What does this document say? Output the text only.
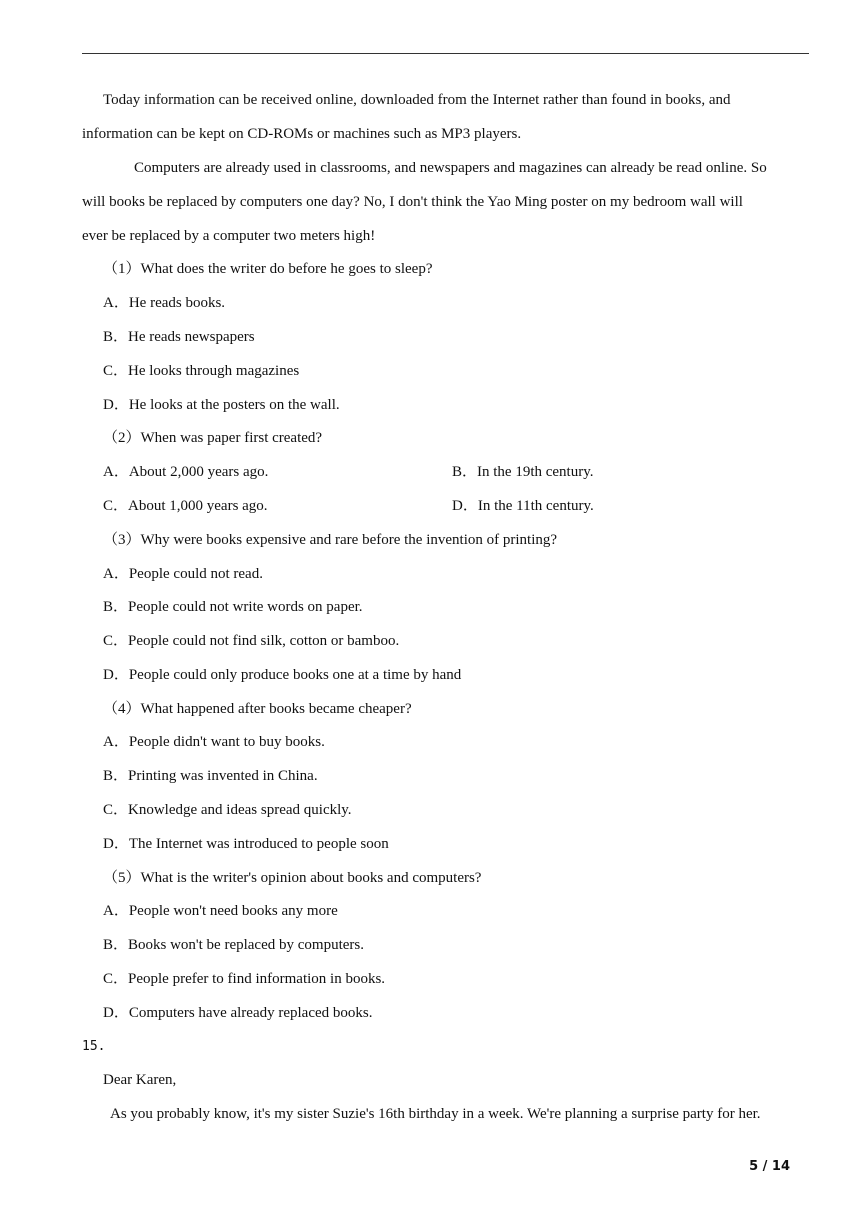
Today information can be received online, downloaded from the Internet rather than found in books, and
information can be kept on CD-ROMs or machines such as MP3 players.
Computers are already used in classrooms, and newspapers and magazines can already be read online. So
will books be replaced by computers one day? No, I don't think the Yao Ming poster on my bedroom wall will
ever be replaced by a computer two meters high!
（1）What does the writer do before he goes to sleep?
A．He reads books.
B．He reads newspapers
C．He looks through magazines
D．He looks at the posters on the wall.
（2）When was paper first created?
A．About 2,000 years ago.	B．In the 19th century.
C．About 1,000 years ago.	D．In the 11th century.
（3）Why were books expensive and rare before the invention of printing?
A．People could not read.
B．People could not write words on paper.
C．People could not find silk, cotton or bamboo.
D．People could only produce books one at a time by hand
（4）What happened after books became cheaper?
A．People didn't want to buy books.
B．Printing was invented in China.
C．Knowledge and ideas spread quickly.
D．The Internet was introduced to people soon
（5）What is the writer's opinion about books and computers?
A．People won't need books any more
B．Books won't be replaced by computers.
C．People prefer to find information in books.
D．Computers have already replaced books.
15.
Dear Karen,
As you probably know, it's my sister Suzie's 16th birthday in a week. We're planning a surprise party for her.
5 / 14
